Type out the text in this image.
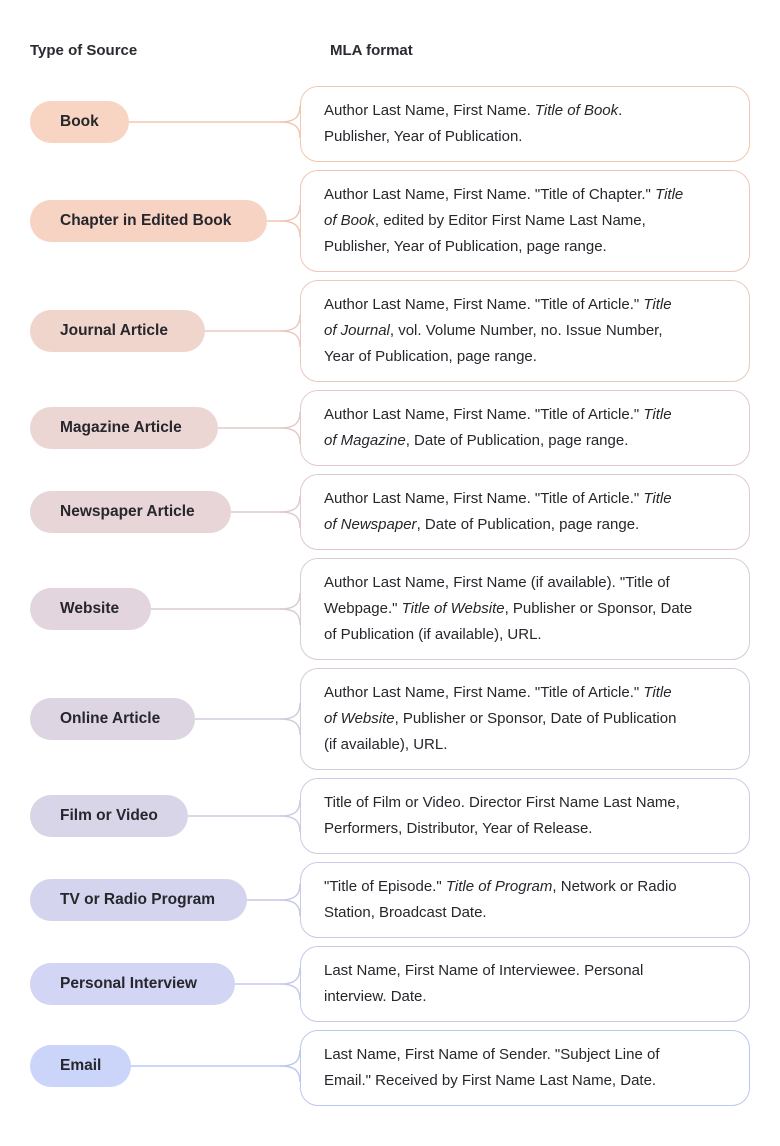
Type of Source	MLA format
Book

Author Last Name, First Name. Title of Book.
Publisher, Year of Publication.

Chapter in Edited Book

Author Last Name, First Name. "Title of Chapter." Title
of Book, edited by Editor First Name Last Name,
Publisher, Year of Publication, page range.

Journal Article

Author Last Name, First Name. "Title of Article." Title
of Journal, vol. Volume Number, no. Issue Number,
Year of Publication, page range.

Magazine Article

Author Last Name, First Name. "Title of Article." Title
of Magazine, Date of Publication, page range.

Newspaper Article

Author Last Name, First Name. "Title of Article." Title
of Newspaper, Date of Publication, page range.

Website

Author Last Name, First Name (if available). "Title of
Webpage." Title of Website, Publisher or Sponsor, Date
of Publication (if available), URL.

Online Article

Author Last Name, First Name. "Title of Article." Title
of Website, Publisher or Sponsor, Date of Publication
(if available), URL.

Film or Video

Title of Film or Video. Director First Name Last Name,
Performers, Distributor, Year of Release.

TV or Radio Program

"Title of Episode." Title of Program, Network or Radio
Station, Broadcast Date.

Personal Interview

Last Name, First Name of Interviewee. Personal
interview. Date.

Email

Last Name, First Name of Sender. "Subject Line of
Email." Received by First Name Last Name, Date.
